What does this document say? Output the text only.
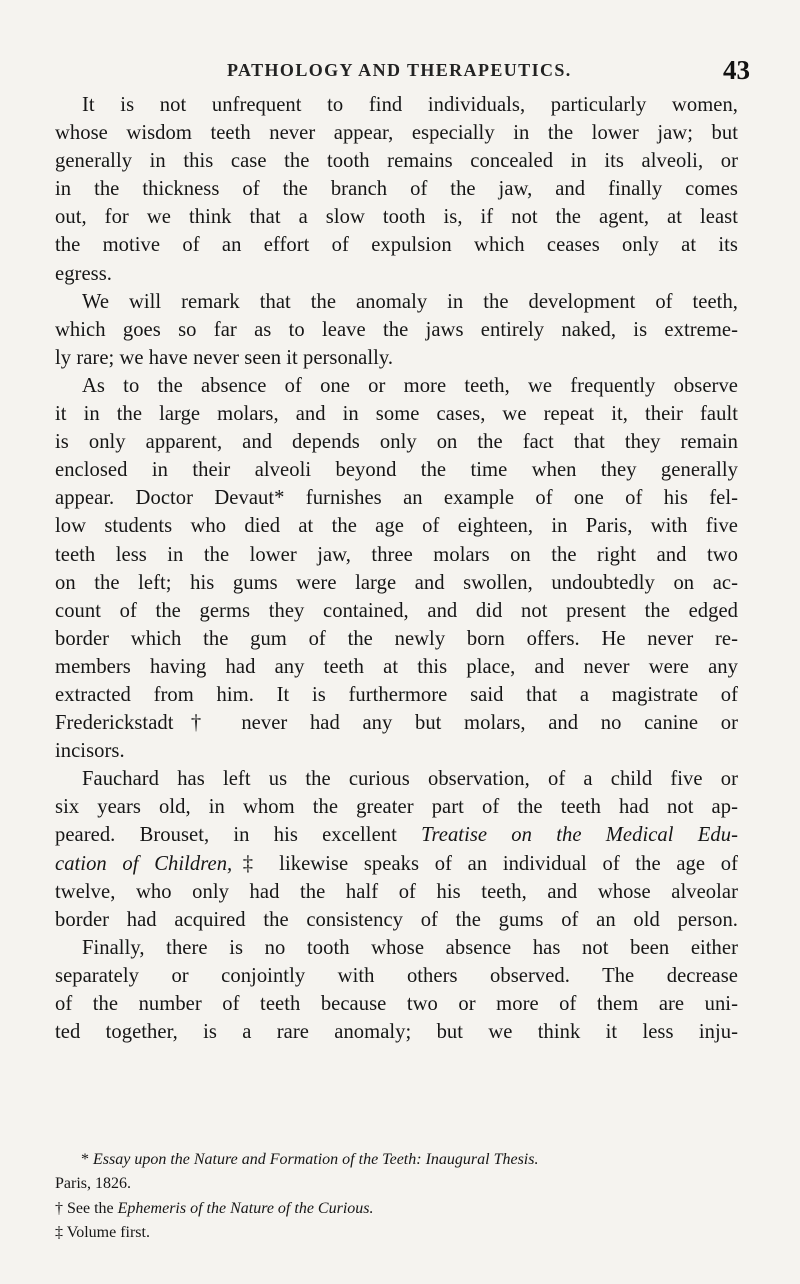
PATHOLOGY AND THERAPEUTICS.	43
It is not unfrequent to find individuals, particularly women,
whose wisdom teeth never appear, especially in the lower jaw; but
generally in this case the tooth remains concealed in its alveoli, or
in the thickness of the branch of the jaw, and finally comes
out, for we think that a slow tooth is, if not the agent, at least
the motive of an effort of expulsion which ceases only at its
egress.
We will remark that the anomaly in the development of teeth,
which goes so far as to leave the jaws entirely naked, is extreme-
ly rare; we have never seen it personally.
As to the absence of one or more teeth, we frequently observe
it in the large molars, and in some cases, we repeat it, their fault
is only apparent, and depends only on the fact that they remain
enclosed in their alveoli beyond the time when they generally
appear. Doctor Devaut* furnishes an example of one of his fel-
low students who died at the age of eighteen, in Paris, with five
teeth less in the lower jaw, three molars on the right and two
on the left; his gums were large and swollen, undoubtedly on ac-
count of the germs they contained, and did not present the edged
border which the gum of the newly born offers. He never re-
members having had any teeth at this place, and never were any
extracted from him. It is furthermore said that a magistrate of
Frederickstadt† never had any but molars, and no canine or
incisors.
Fauchard has left us the curious observation, of a child five or
six years old, in whom the greater part of the teeth had not ap-
peared. Brouset, in his excellent Treatise on the Medical Edu-
cation of Children,‡ likewise speaks of an individual of the age of
twelve, who only had the half of his teeth, and whose alveolar
border had acquired the consistency of the gums of an old person.
Finally, there is no tooth whose absence has not been either
separately or conjointly with others observed. The decrease
of the number of teeth because two or more of them are uni-
ted together, is a rare anomaly; but we think it less inju-
* Essay upon the Nature and Formation of the Teeth: Inaugural Thesis.
Paris, 1826.
† See the Ephemeris of the Nature of the Curious.
‡ Volume first.
